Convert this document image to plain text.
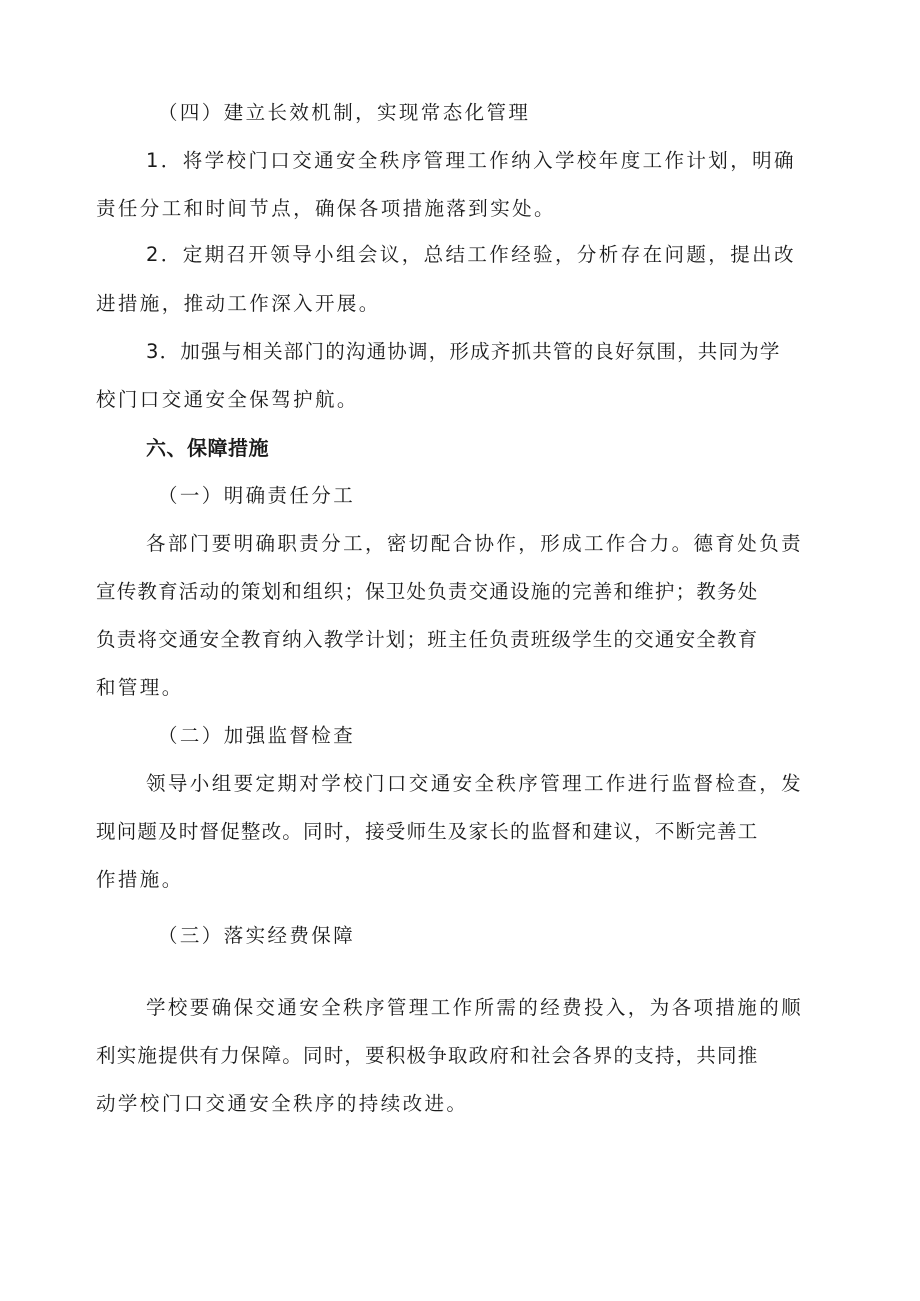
（四）建立长效机制，实现常态化管理
1．将学校门口交通安全秩序管理工作纳入学校年度工作计划，明确
责任分工和时间节点，确保各项措施落到实处。
2．定期召开领导小组会议，总结工作经验，分析存在问题，提出改
进措施，推动工作深入开展。
3．加强与相关部门的沟通协调，形成齐抓共管的良好氛围，共同为学
校门口交通安全保驾护航。
六、保障措施
（一）明确责任分工
各部门要明确职责分工，密切配合协作，形成工作合力。德育处负责
宣传教育活动的策划和组织；保卫处负责交通设施的完善和维护；教务处
负责将交通安全教育纳入教学计划；班主任负责班级学生的交通安全教育
和管理。
（二）加强监督检查
领导小组要定期对学校门口交通安全秩序管理工作进行监督检查，发
现问题及时督促整改。同时，接受师生及家长的监督和建议，不断完善工
作措施。
（三）落实经费保障
学校要确保交通安全秩序管理工作所需的经费投入，为各项措施的顺
利实施提供有力保障。同时，要积极争取政府和社会各界的支持，共同推
动学校门口交通安全秩序的持续改进。
